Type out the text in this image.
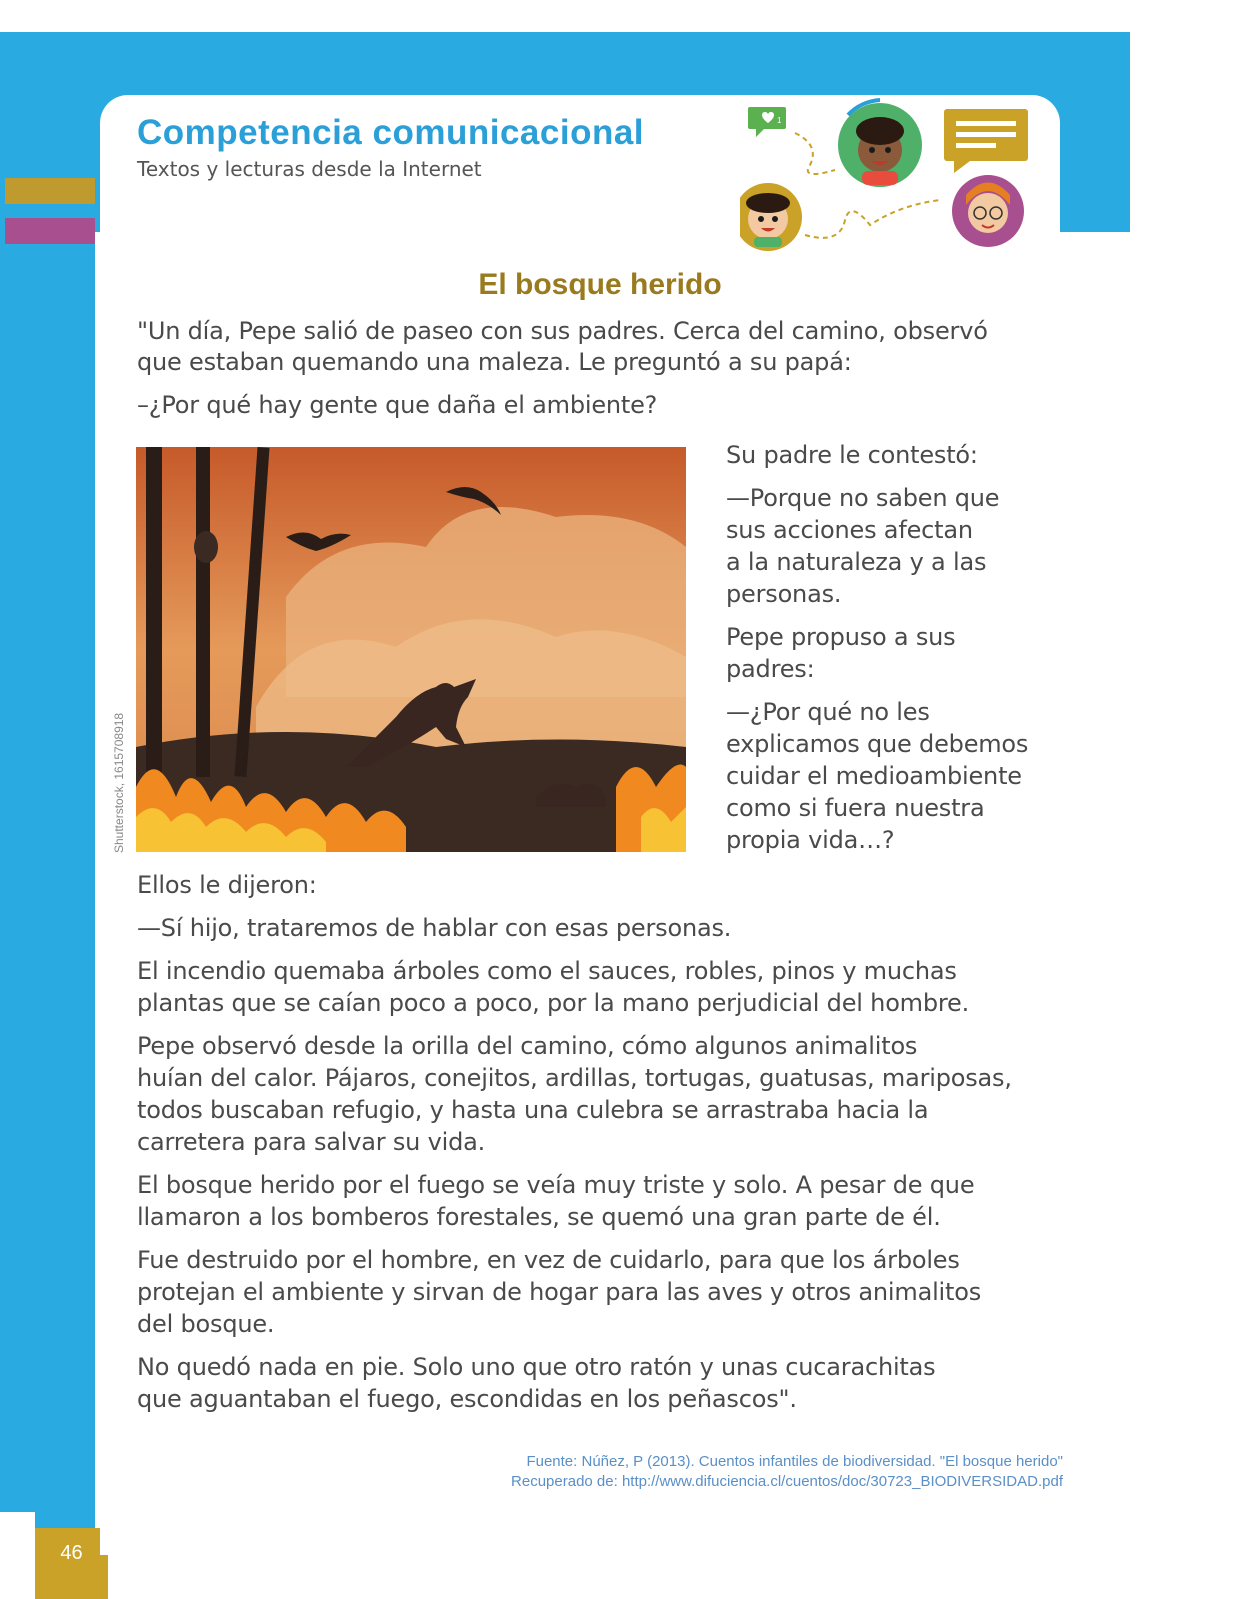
46
Competencia comunicacional
Textos y lecturas desde la Internet
1
El bosque herido
"Un día, Pepe salió de paseo con sus padres. Cerca del camino, observó
que estaban quemando una maleza. Le preguntó a su papá:
–¿Por qué hay gente que daña el ambiente?
Shutterstock, 1615708918
Su padre le contestó:
—Porque no saben que
sus acciones afectan
a la naturaleza y a las
personas.
Pepe propuso a sus
padres:
—¿Por qué no les
explicamos que debemos
cuidar el medioambiente
como si fuera nuestra
propia vida…?
Ellos le dijeron:
—Sí hijo, trataremos de hablar con esas personas.
El incendio quemaba árboles como el sauces, robles, pinos y muchas
plantas que se caían poco a poco, por la mano perjudicial del hombre.
Pepe observó desde la orilla del camino, cómo algunos animalitos
huían del calor. Pájaros, conejitos, ardillas, tortugas, guatusas, mariposas,
todos buscaban refugio, y hasta una culebra se arrastraba hacia la
carretera para salvar su vida.
El bosque herido por el fuego se veía muy triste y solo. A pesar de que
llamaron a los bomberos forestales, se quemó una gran parte de él.
Fue destruido por el hombre, en vez de cuidarlo, para que los árboles
protejan el ambiente y sirvan de hogar para las aves y otros animalitos
del bosque.
No quedó nada en pie. Solo uno que otro ratón y unas cucarachitas
que aguantaban el fuego, escondidas en los peñascos".
Fuente: Núñez, P (2013). Cuentos infantiles de biodiversidad. "El bosque herido"
Recuperado de: http://www.difuciencia.cl/cuentos/doc/30723_BIODIVERSIDAD.pdf
